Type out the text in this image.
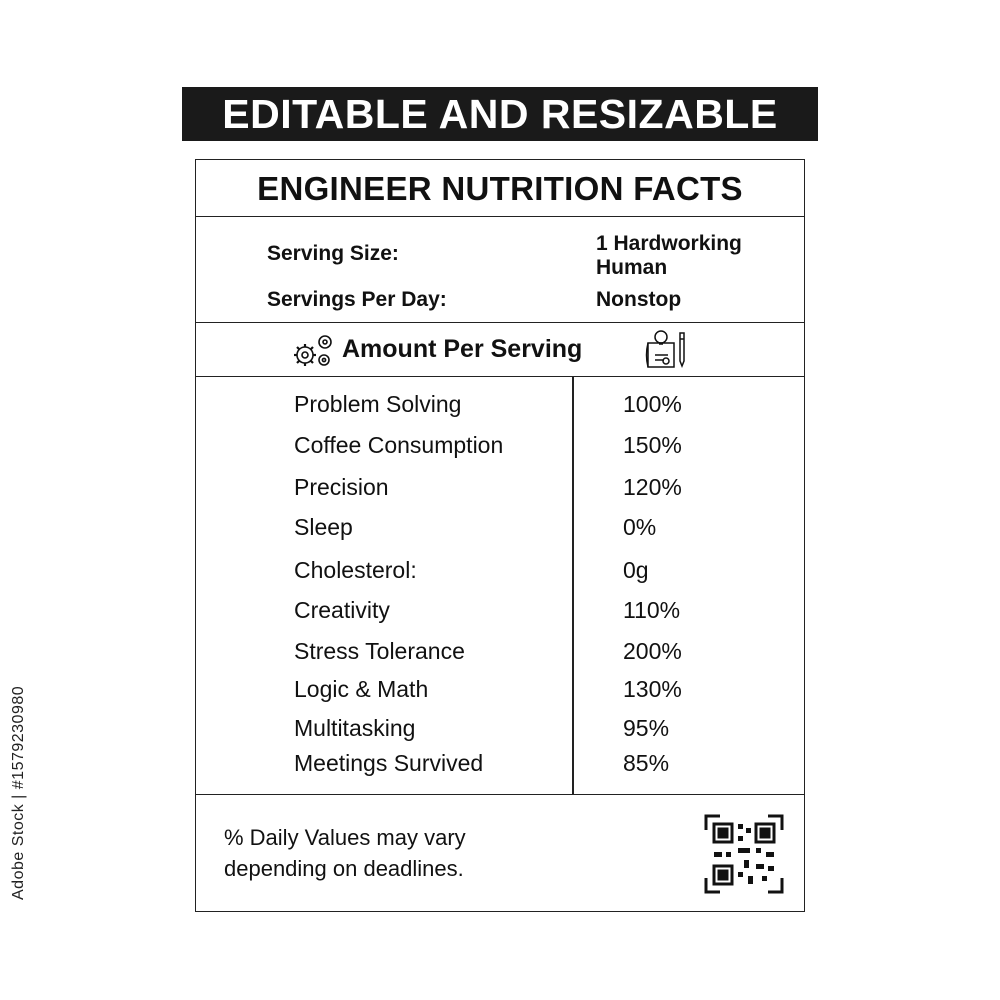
EDITABLE AND RESIZABLE
ENGINEER NUTRITION FACTS
Serving Size:	1 Hardworking Human
Servings Per Day:	Nonstop
Amount Per Serving
Problem Solving	100%
Coffee Consumption	150%
Precision	120%
Sleep	0%
Cholesterol:	0g
Creativity	110%
Stress Tolerance	200%
Logic & Math	130%
Multitasking	95%
Meetings Survived	85%
% Daily Values may vary depending on deadlines.
Adobe Stock | #1579230980
